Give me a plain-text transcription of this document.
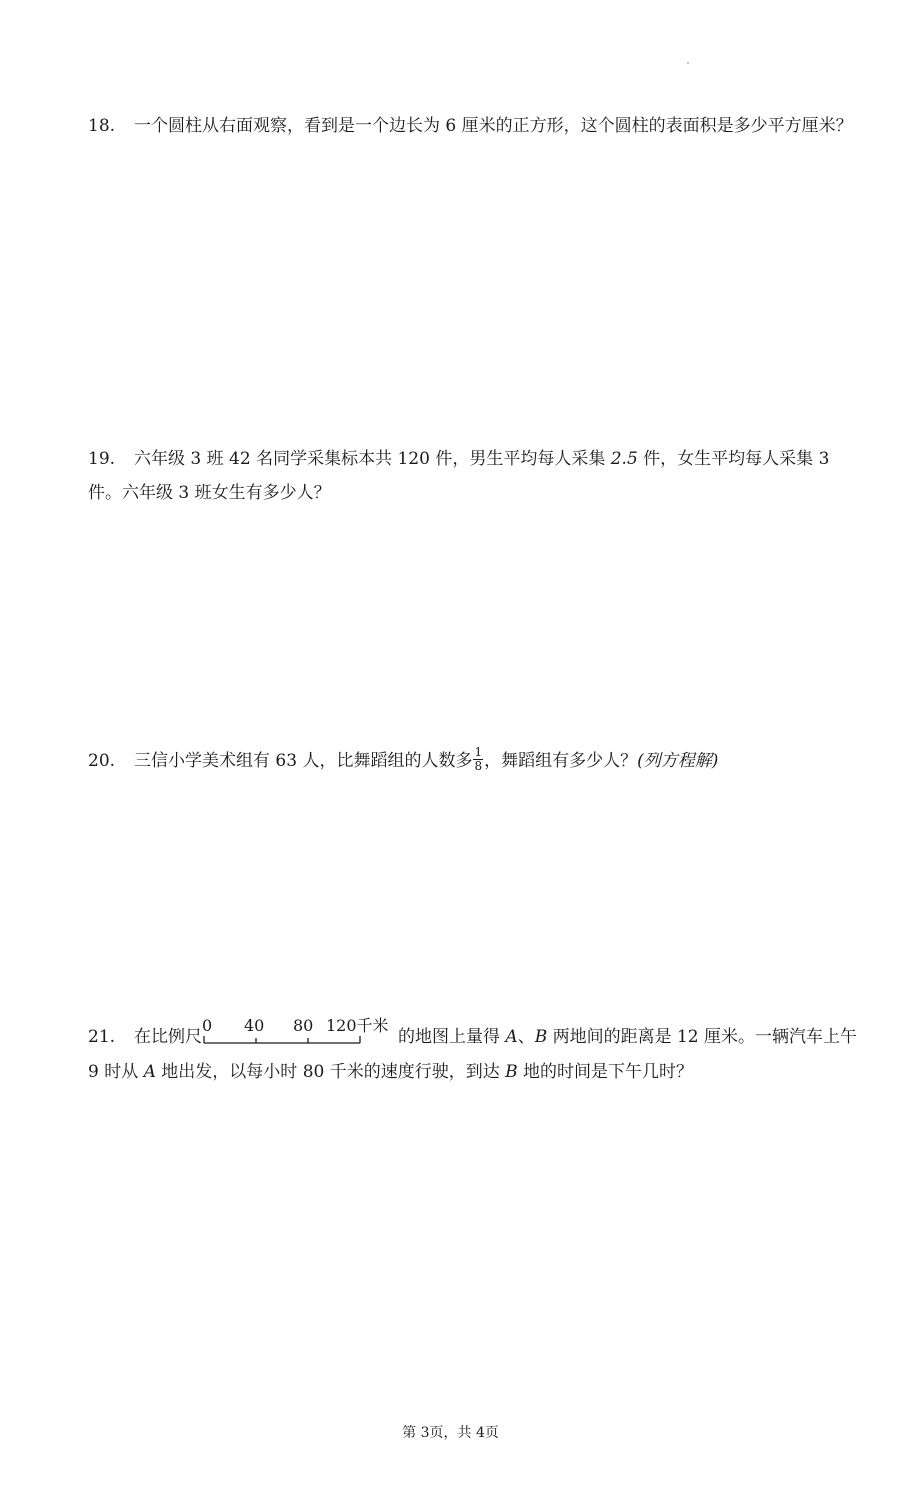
18. 一个圆柱从右面观察，看到是一个边长为 6 厘米的正方形，这个圆柱的表面积是多少平方厘米？
19. 六年级 3 班 42 名同学采集标本共 120 件，男生平均每人采集 2.5 件，女生平均每人采集 3 件。六年级 3 班女生有多少人？
20. 三信小学美术组有 63 人，比舞蹈组的人数多 $\frac{1}{8}$ ，舞蹈组有多少人？(列方程解)
21. 在比例尺
0 40 80 120千米
的地图上量得 A、B 两地间的距离是 12 厘米。一辆汽车上午 9 时从 A 地出发，以每小时 80 千米的速度行驶，到达 B 地的时间是下午几时？
第 3页，共 4页
